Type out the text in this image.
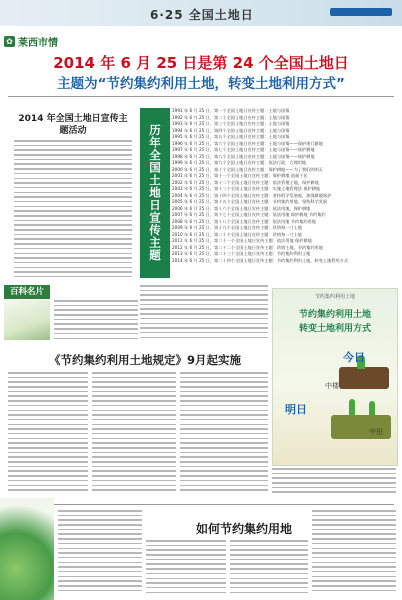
6·25 全国土地日
✿ 莱西市情
2014 年 6 月 25 日是第 24 个全国土地日
主题为“节约集约利用土地，转变土地利用方式”
2014 年全国土地日宣传主题活动	历年全国土地日宣传主题
1991 年 6 月 25 日，第一个全国土地日宣传主题：土地与国情
1992 年 6 月 25 日，第二个全国土地日宣传主题：土地与国情
1993 年 6 月 25 日，第三个全国土地日宣传主题：土地与国情
1994 年 6 月 25 日，第四个全国土地日宣传主题：土地与国情
1995 年 6 月 25 日，第五个全国土地日宣传主题：土地与国情
1996 年 6 月 25 日，第六个全国土地日宣传主题：土地与国情——保护现行耕地
1997 年 6 月 25 日，第七个全国土地日宣传主题：土地与国情——保护耕地
1998 年 6 月 25 日，第八个全国土地日宣传主题：土地与国情——保护耕地
1999 年 6 月 25 日，第九个全国土地日宣传主题：依法行政，合理用地
2000 年 6 月 25 日，第十个全国土地日宣传主题：保护耕地——为了我们的明天
2001 年 6 月 25 日，第十一个全国土地日宣传主题：保护耕地 造福于民
2002 年 6 月 25 日，第十二个全国土地日宣传主题：依法管理土地，保护耕地
2003 年 6 月 25 日，第十三个全国土地日宣传主题：实施土地管理法 保护耕地
2004 年 6 月 25 日，第十四个全国土地日宣传主题：坚持科学发展观，加强耕地保护
2005 年 6 月 25 日，第十五个全国土地日宣传主题：节约集约用地，坚持科学发展
2006 年 6 月 25 日，第十六个全国土地日宣传主题：依法用地，保护耕地
2007 年 6 月 25 日，第十七个全国土地日宣传主题：依法用地 保护耕地 节约集约
2008 年 6 月 25 日，第十八个全国土地日宣传主题：依法用地 节约集约用地
2009 年 6 月 25 日，第十九个全国土地日宣传主题：珍惜每一寸土地
2010 年 6 月 25 日，第二十个全国土地日宣传主题：珍惜每一寸土地
2011 年 6 月 25 日，第二十一个全国土地日宣传主题：依法用地 保护耕地
2012 年 6 月 25 日，第二十二个全国土地日宣传主题：珍惜土地，节约集约用地
2013 年 6 月 25 日，第二十三个全国土地日宣传主题：节约集约利用土地
2014 年 6 月 25 日，第二十四个全国土地日宣传主题：节约集约利用土地，转变土地利用方式
百科名片	节约集约利用土地
节约集约利用土地
转变土地利用方式
今日
中楼
明日
中田
《节约集约利用土地规定》9月起实施
如何节约集约用地
